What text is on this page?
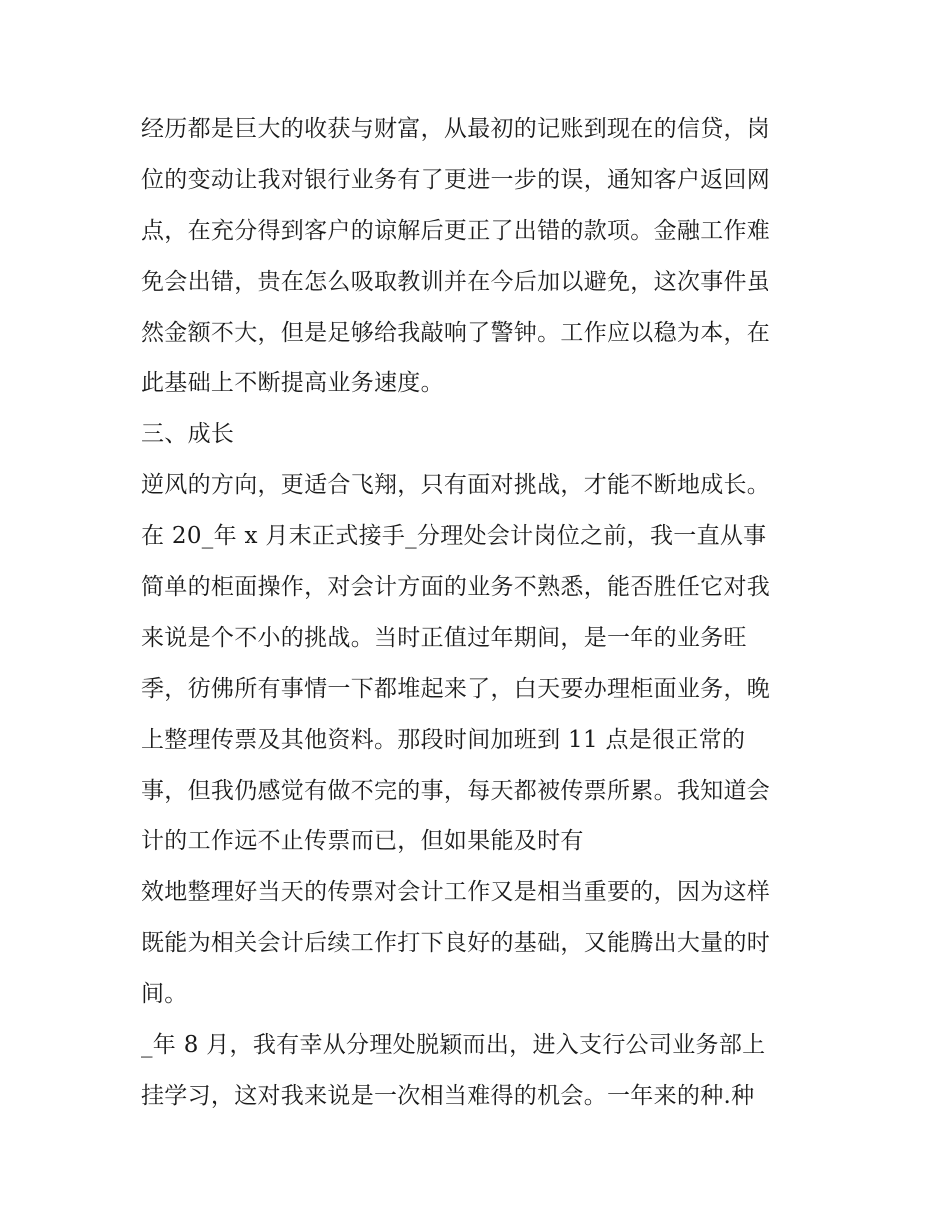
经历都是巨大的收获与财富，从最初的记账到现在的信贷，岗
位的变动让我对银行业务有了更进一步的误，通知客户返回网
点，在充分得到客户的谅解后更正了出错的款项。金融工作难
免会出错，贵在怎么吸取教训并在今后加以避免，这次事件虽
然金额不大，但是足够给我敲响了警钟。工作应以稳为本，在
此基础上不断提高业务速度。
三、成长
逆风的方向，更适合飞翔，只有面对挑战，才能不断地成长。
在 20_年 x 月末正式接手_分理处会计岗位之前，我一直从事
简单的柜面操作，对会计方面的业务不熟悉，能否胜任它对我
来说是个不小的挑战。当时正值过年期间，是一年的业务旺
季，彷佛所有事情一下都堆起来了，白天要办理柜面业务，晚
上整理传票及其他资料。那段时间加班到 11 点是很正常的
事，但我仍感觉有做不完的事，每天都被传票所累。我知道会
计的工作远不止传票而已，但如果能及时有
效地整理好当天的传票对会计工作又是相当重要的，因为这样
既能为相关会计后续工作打下良好的基础，又能腾出大量的时
间。
_年 8 月，我有幸从分理处脱颖而出，进入支行公司业务部上
挂学习，这对我来说是一次相当难得的机会。一年来的种.种
